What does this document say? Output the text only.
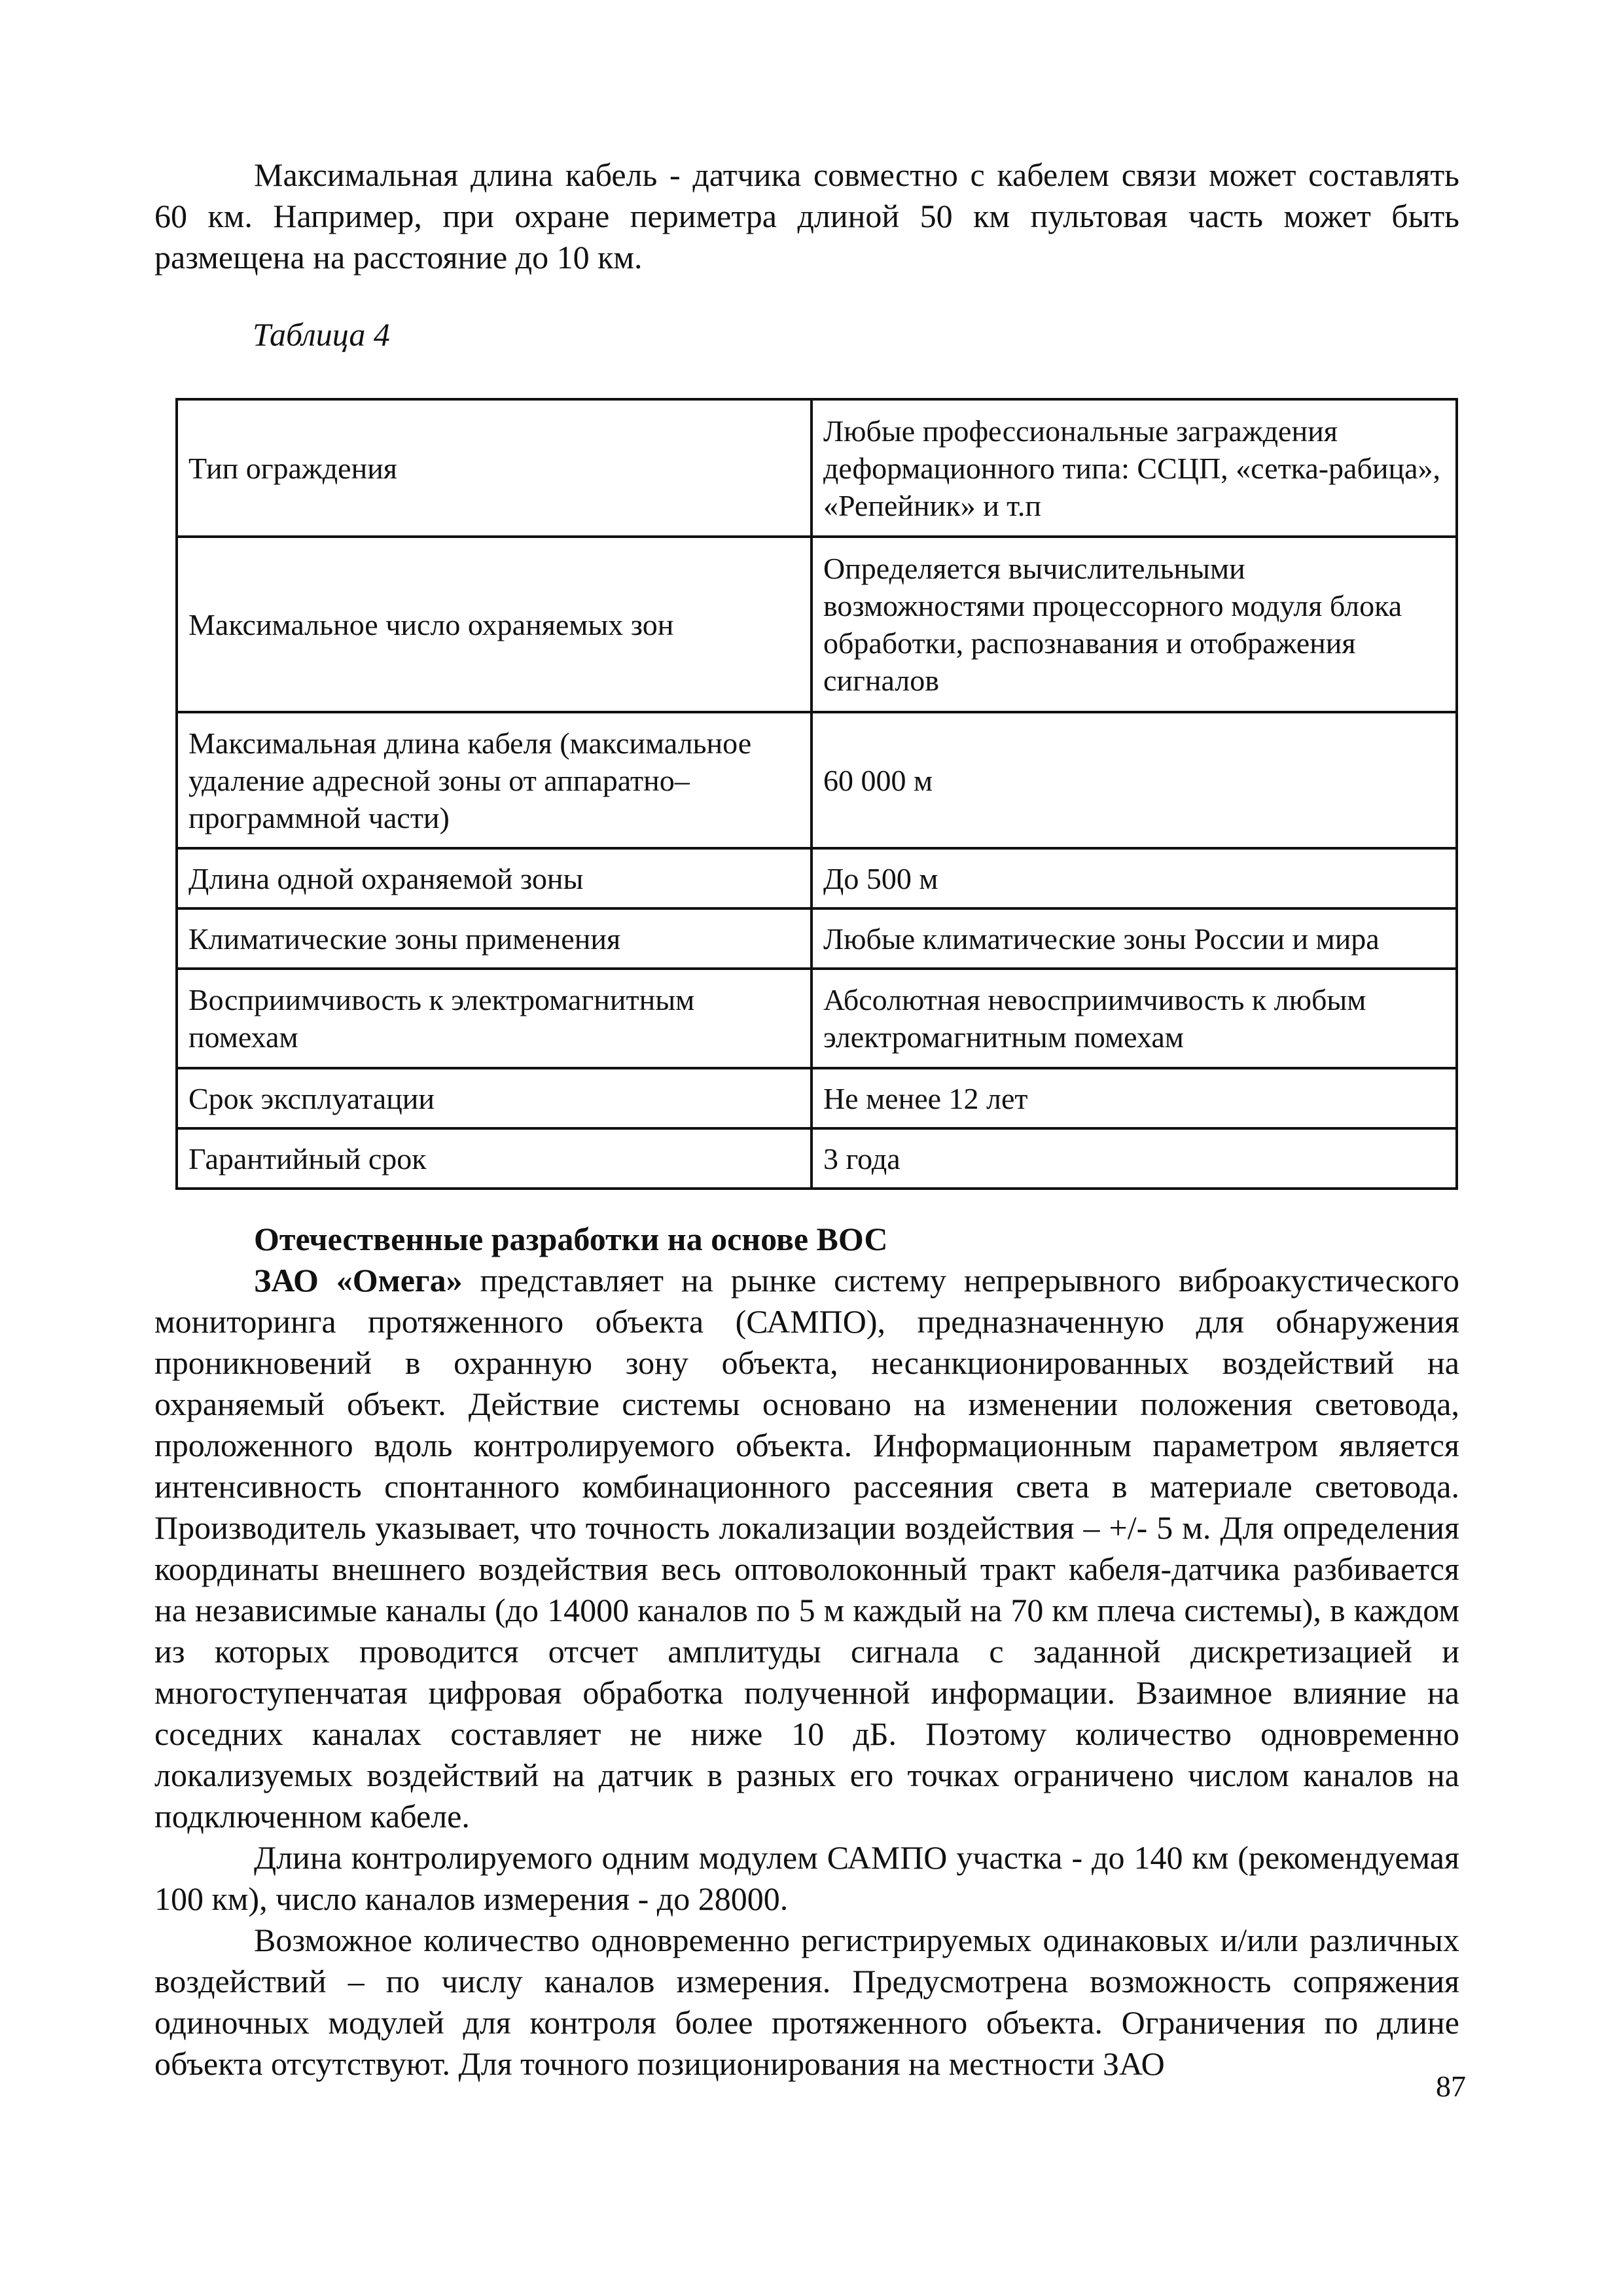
Максимальная длина кабель - датчика совместно с кабелем связи может составлять 60 км. Например, при охране периметра длиной 50 км пультовая часть может быть размещена на расстояние до 10 км.

Таблица 4
Тип ограждения	Любые профессиональные заграждения деформационного типа: ССЦП, «сетка-рабица», «Репейник» и т.п
Максимальное число охраняемых зон	Определяется вычислительными возможностями процессорного модуля блока обработки, распознавания и отображения сигналов
Максимальная длина кабеля (максимальное удаление адресной зоны от аппаратно–программной части)	60 000 м
Длина одной охраняемой зоны	До 500 м
Климатические зоны применения	Любые климатические зоны России и мира
Восприимчивость к электромагнитным помехам	Абсолютная невосприимчивость к любым электромагнитным помехам
Срок эксплуатации	Не менее 12 лет
Гарантийный срок	3 года

Отечественные разработки на основе ВОС

ЗАО «Омега» представляет на рынке систему непрерывного виброакустического мониторинга протяженного объекта (САМПО), предназначенную для обнаружения проникновений в охранную зону объекта, несанкционированных воздействий на охраняемый объект. Действие системы основано на изменении положения световода, проложенного вдоль контролируемого объекта. Информационным параметром является интенсивность спонтанного комбинационного рассеяния света в материале световода. Производитель указывает, что точность локализации воздействия – +/- 5 м. Для определения координаты внешнего воздействия весь оптоволоконный тракт кабеля-датчика разбивается на независимые каналы (до 14000 каналов по 5 м каждый на 70 км плеча системы), в каждом из которых проводится отсчет амплитуды сигнала с заданной дискретизацией и многоступенчатая цифровая обработка полученной информации. Взаимное влияние на соседних каналах составляет не ниже 10 дБ. Поэтому количество одновременно локализуемых воздействий на датчик в разных его точках ограничено числом каналов на подключенном кабеле.

Длина контролируемого одним модулем САМПО участка - до 140 км (рекомендуемая 100 км), число каналов измерения - до 28000.

Возможное количество одновременно регистрируемых одинаковых и/или различных воздействий – по числу каналов измерения. Предусмотрена возможность сопряжения одиночных модулей для контроля более протяженного объекта. Ограничения по длине объекта отсутствуют. Для точного позиционирования на местности ЗАО

87
